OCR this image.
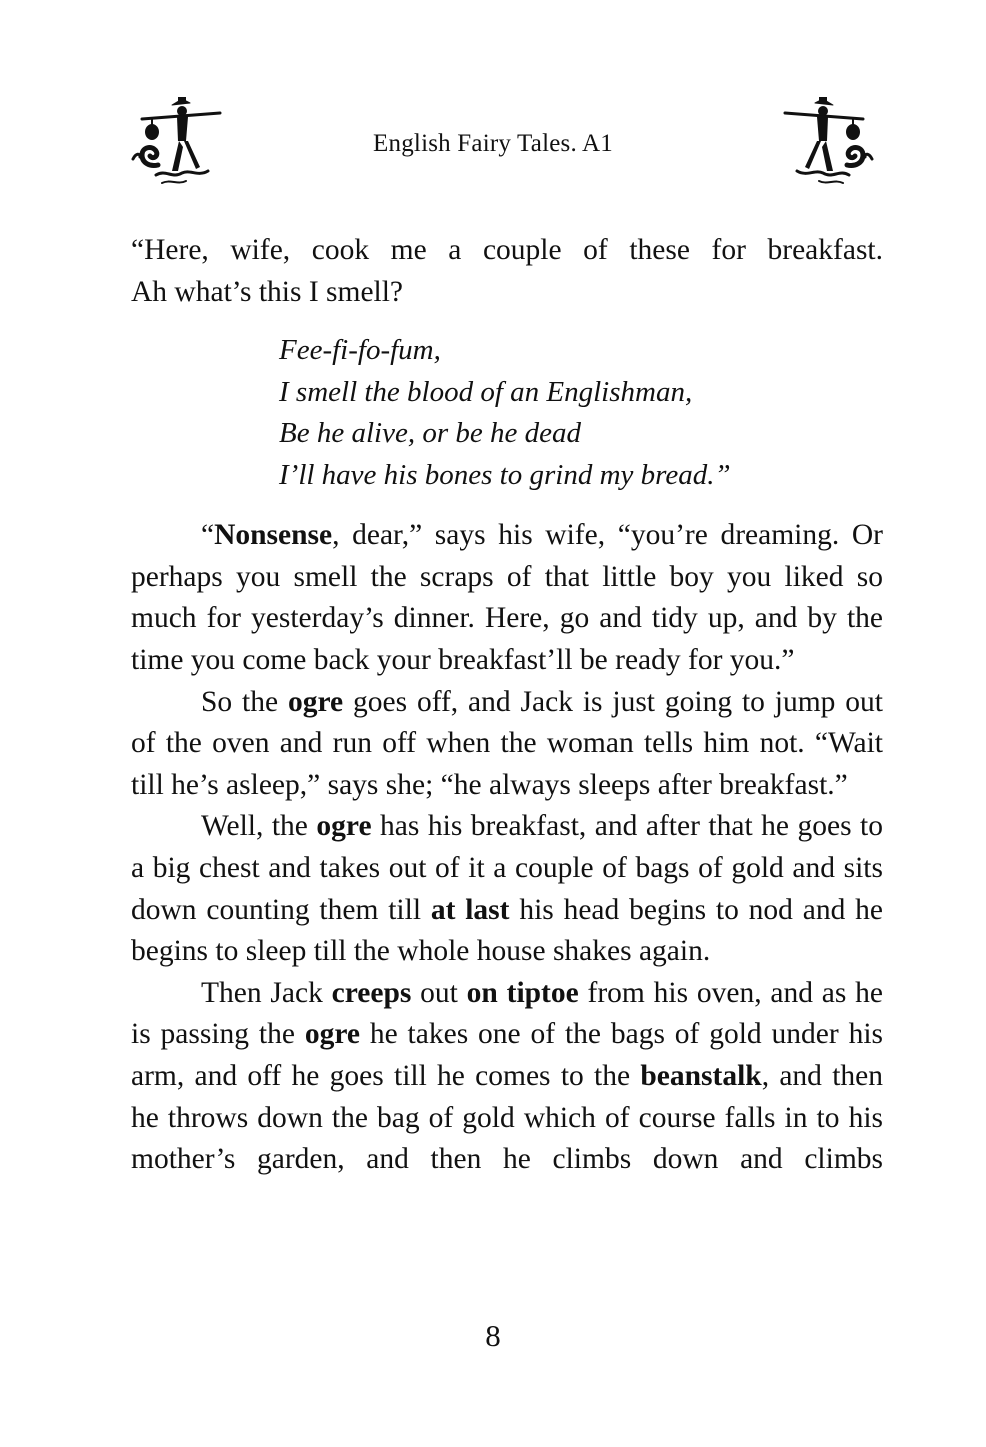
English Fairy Tales. A1

“Here, wife, cook me a couple of these for breakfast.

Ah what’s this I smell?

Fee-fi-fo-fum,
I smell the blood of an Englishman,
Be he alive, or be he dead
I’ll have his bones to grind my bread.”

“Nonsense, dear,” says his wife, “you’re dreaming. Or perhaps you smell the scraps of that little boy you liked so much for yesterday’s dinner. Here, go and tidy up, and by the time you come back your breakfast’ll be ready for you.”

So the ogre goes off, and Jack is just going to jump out of the oven and run off when the woman tells him not. “Wait till he’s asleep,” says she; “he always sleeps after breakfast.”

Well, the ogre has his breakfast, and after that he goes to a big chest and takes out of it a couple of bags of gold and sits down counting them till at last his head begins to nod and he begins to sleep till the whole house shakes again.

Then Jack creeps out on tiptoe from his oven, and as he is passing the ogre he takes one of the bags of gold under his arm, and off he goes till he comes to the beanstalk, and then he throws down the bag of gold which of course falls in to his mother’s garden, and then he climbs down and climbs

8
